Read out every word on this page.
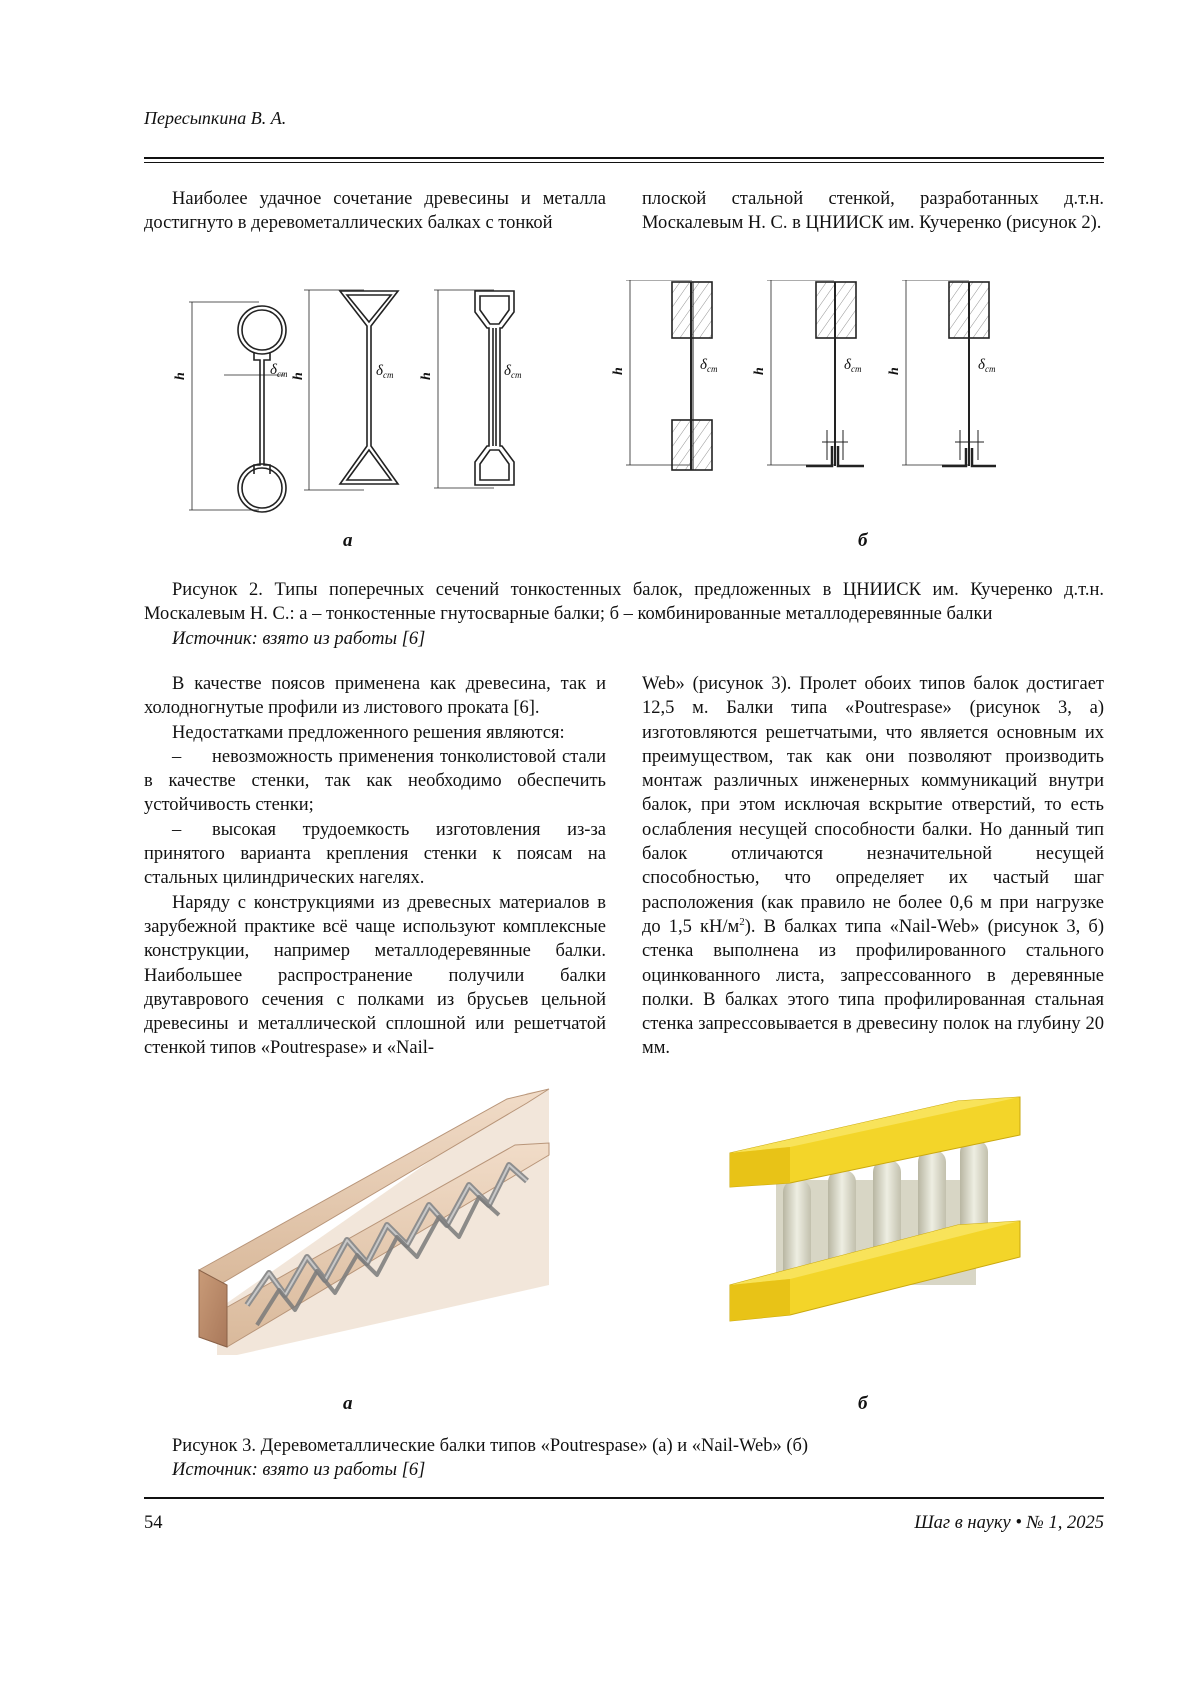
Пересыпкина В. А.

Наиболее удачное сочетание древесины и металла достигнуто в деревометаллических балках с тонкой

плоской стальной стенкой, разработанных д.т.н. Москалевым Н. С. в ЦНИИСК им. Кучеренко (рисунок 2).

h	h	h
h	h	h
δст	δст	δст
δст	δст	δст
а	б

Рисунок 2. Типы поперечных сечений тонкостенных балок, предложенных в ЦНИИСК им. Кучеренко д.т.н. Москалевым Н. С.: а – тонкостенные гнутосварные балки; б – комбинированные металлодеревянные балки

Источник: взято из работы [6]

В качестве поясов применена как древесина, так и холодногнутые профили из листового проката [6].

Недостатками предложенного решения являются:

– невозможность применения тонколистовой стали в качестве стенки, так как необходимо обеспечить устойчивость стенки;

– высокая трудоемкость изготовления из-за принятого варианта крепления стенки к поясам на стальных цилиндрических нагелях.

Наряду с конструкциями из древесных материалов в зарубежной практике всё чаще используют комплексные конструкции, например металлодеревянные балки. Наибольшее распространение получили балки двутаврового сечения с полками из брусьев цельной древесины и металлической сплошной или решетчатой стенкой типов «Poutrespase» и «Nail-

Web» (рисунок 3). Пролет обоих типов балок достигает 12,5 м. Балки типа «Poutrespase» (рисунок 3, а) изготовляются решетчатыми, что является основным их преимуществом, так как они позволяют производить монтаж различных инженерных коммуникаций внутри балок, при этом исключая вскрытие отверстий, то есть ослабления несущей способности балки. Но данный тип балок отличаются незначительной несущей способностью, что определяет их частый шаг расположения (как правило не более 0,6 м при нагрузке до 1,5 кН/м2). В балках типа «Nail-Web» (рисунок 3, б) стенка выполнена из профилированного стального оцинкованного листа, запрессованного в деревянные полки. В балках этого типа профилированная стальная стенка запрессовывается в древесину полок на глубину 20 мм.

а	б

Рисунок 3. Деревометаллические балки типов «Poutrespase» (а) и «Nail-Web» (б)

Источник: взято из работы [6]

54	Шаг в науку • № 1, 2025
